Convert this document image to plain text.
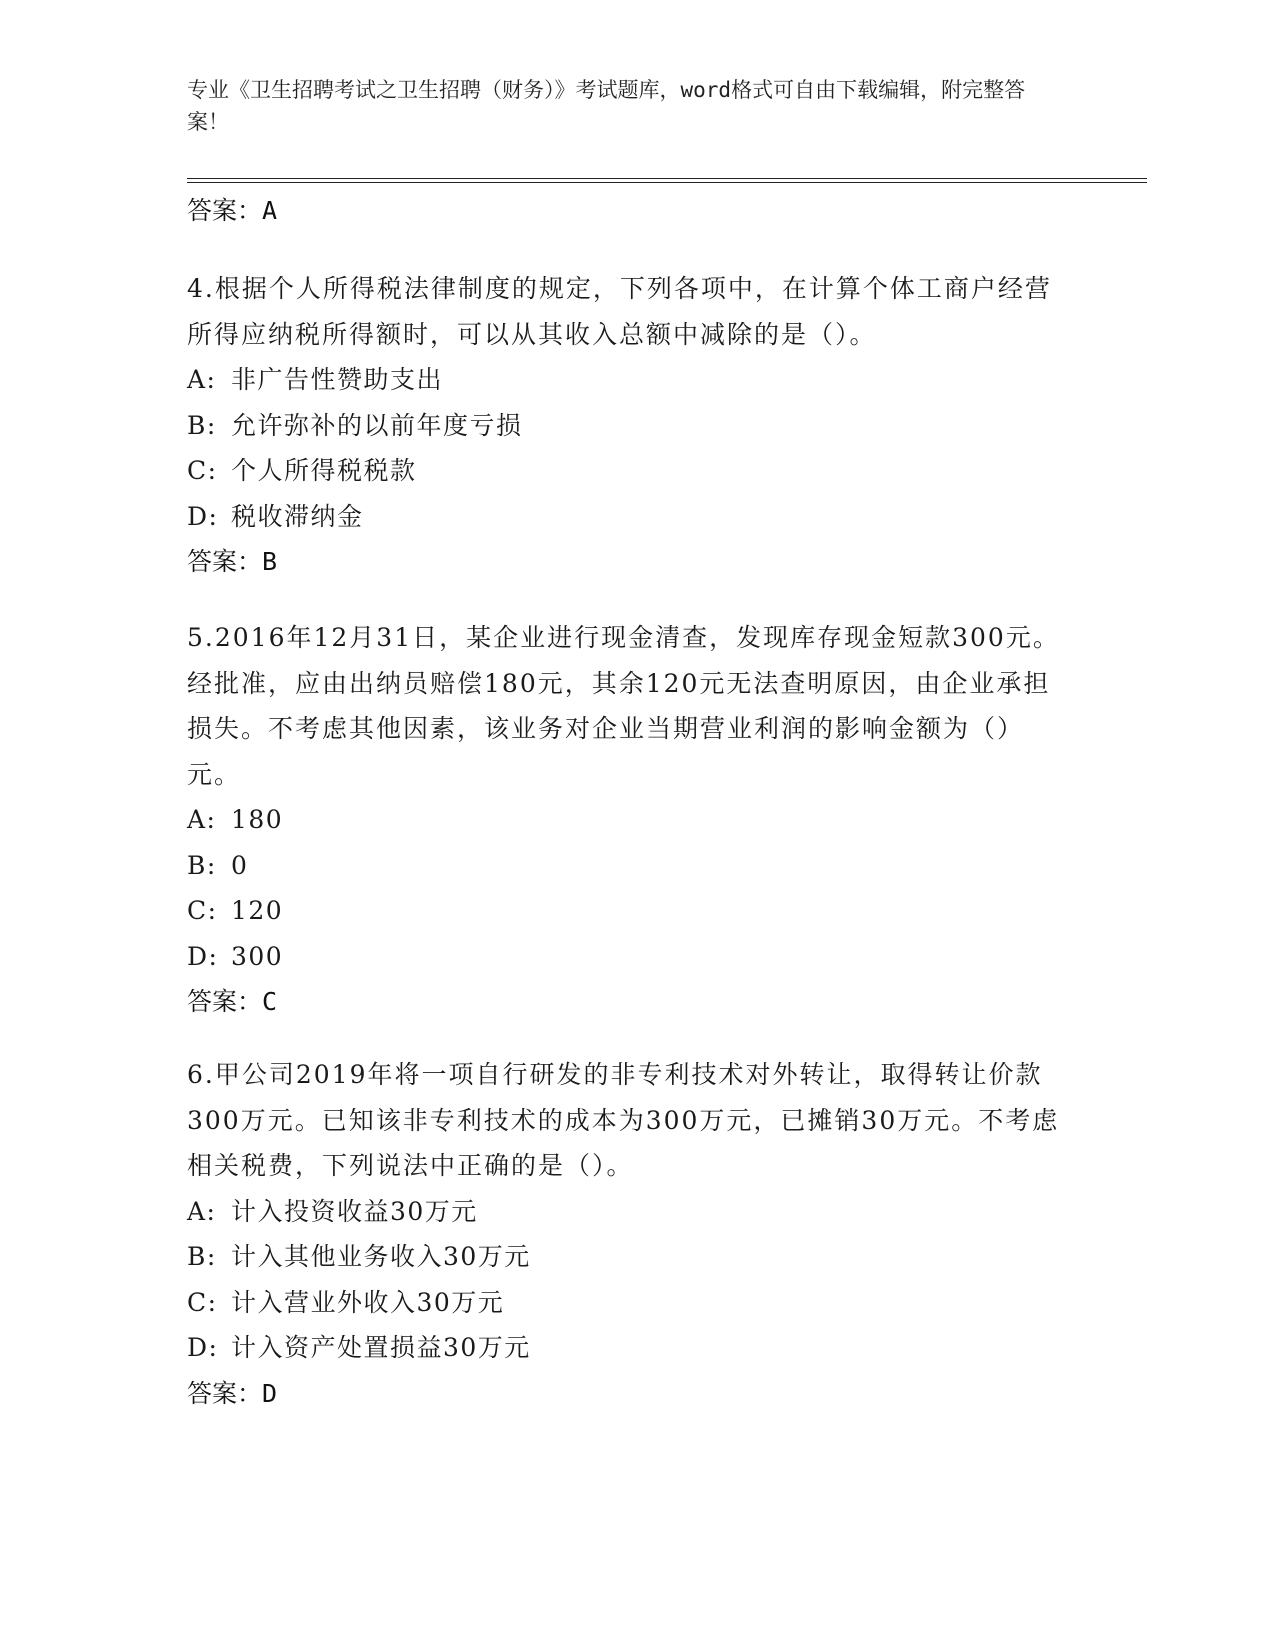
专业《卫生招聘考试之卫生招聘（财务）》考试题库，word格式可自由下载编辑，附完整答案！
答案：A

4.根据个人所得税法律制度的规定，下列各项中，在计算个体工商户经营所得应纳税所得额时，可以从其收入总额中减除的是（）。

A: 非广告性赞助支出

B: 允许弥补的以前年度亏损

C: 个人所得税税款

D: 税收滞纳金

答案：B

5.2016年12月31日，某企业进行现金清查，发现库存现金短款300元。经批准，应由出纳员赔偿180元，其余120元无法查明原因，由企业承担损失。不考虑其他因素，该业务对企业当期营业利润的影响金额为（）元。

A: 180

B: 0

C: 120

D: 300

答案：C

6.甲公司2019年将一项自行研发的非专利技术对外转让，取得转让价款300万元。已知该非专利技术的成本为300万元，已摊销30万元。不考虑相关税费，下列说法中正确的是（）。

A: 计入投资收益30万元

B: 计入其他业务收入30万元

C: 计入营业外收入30万元

D: 计入资产处置损益30万元

答案：D
